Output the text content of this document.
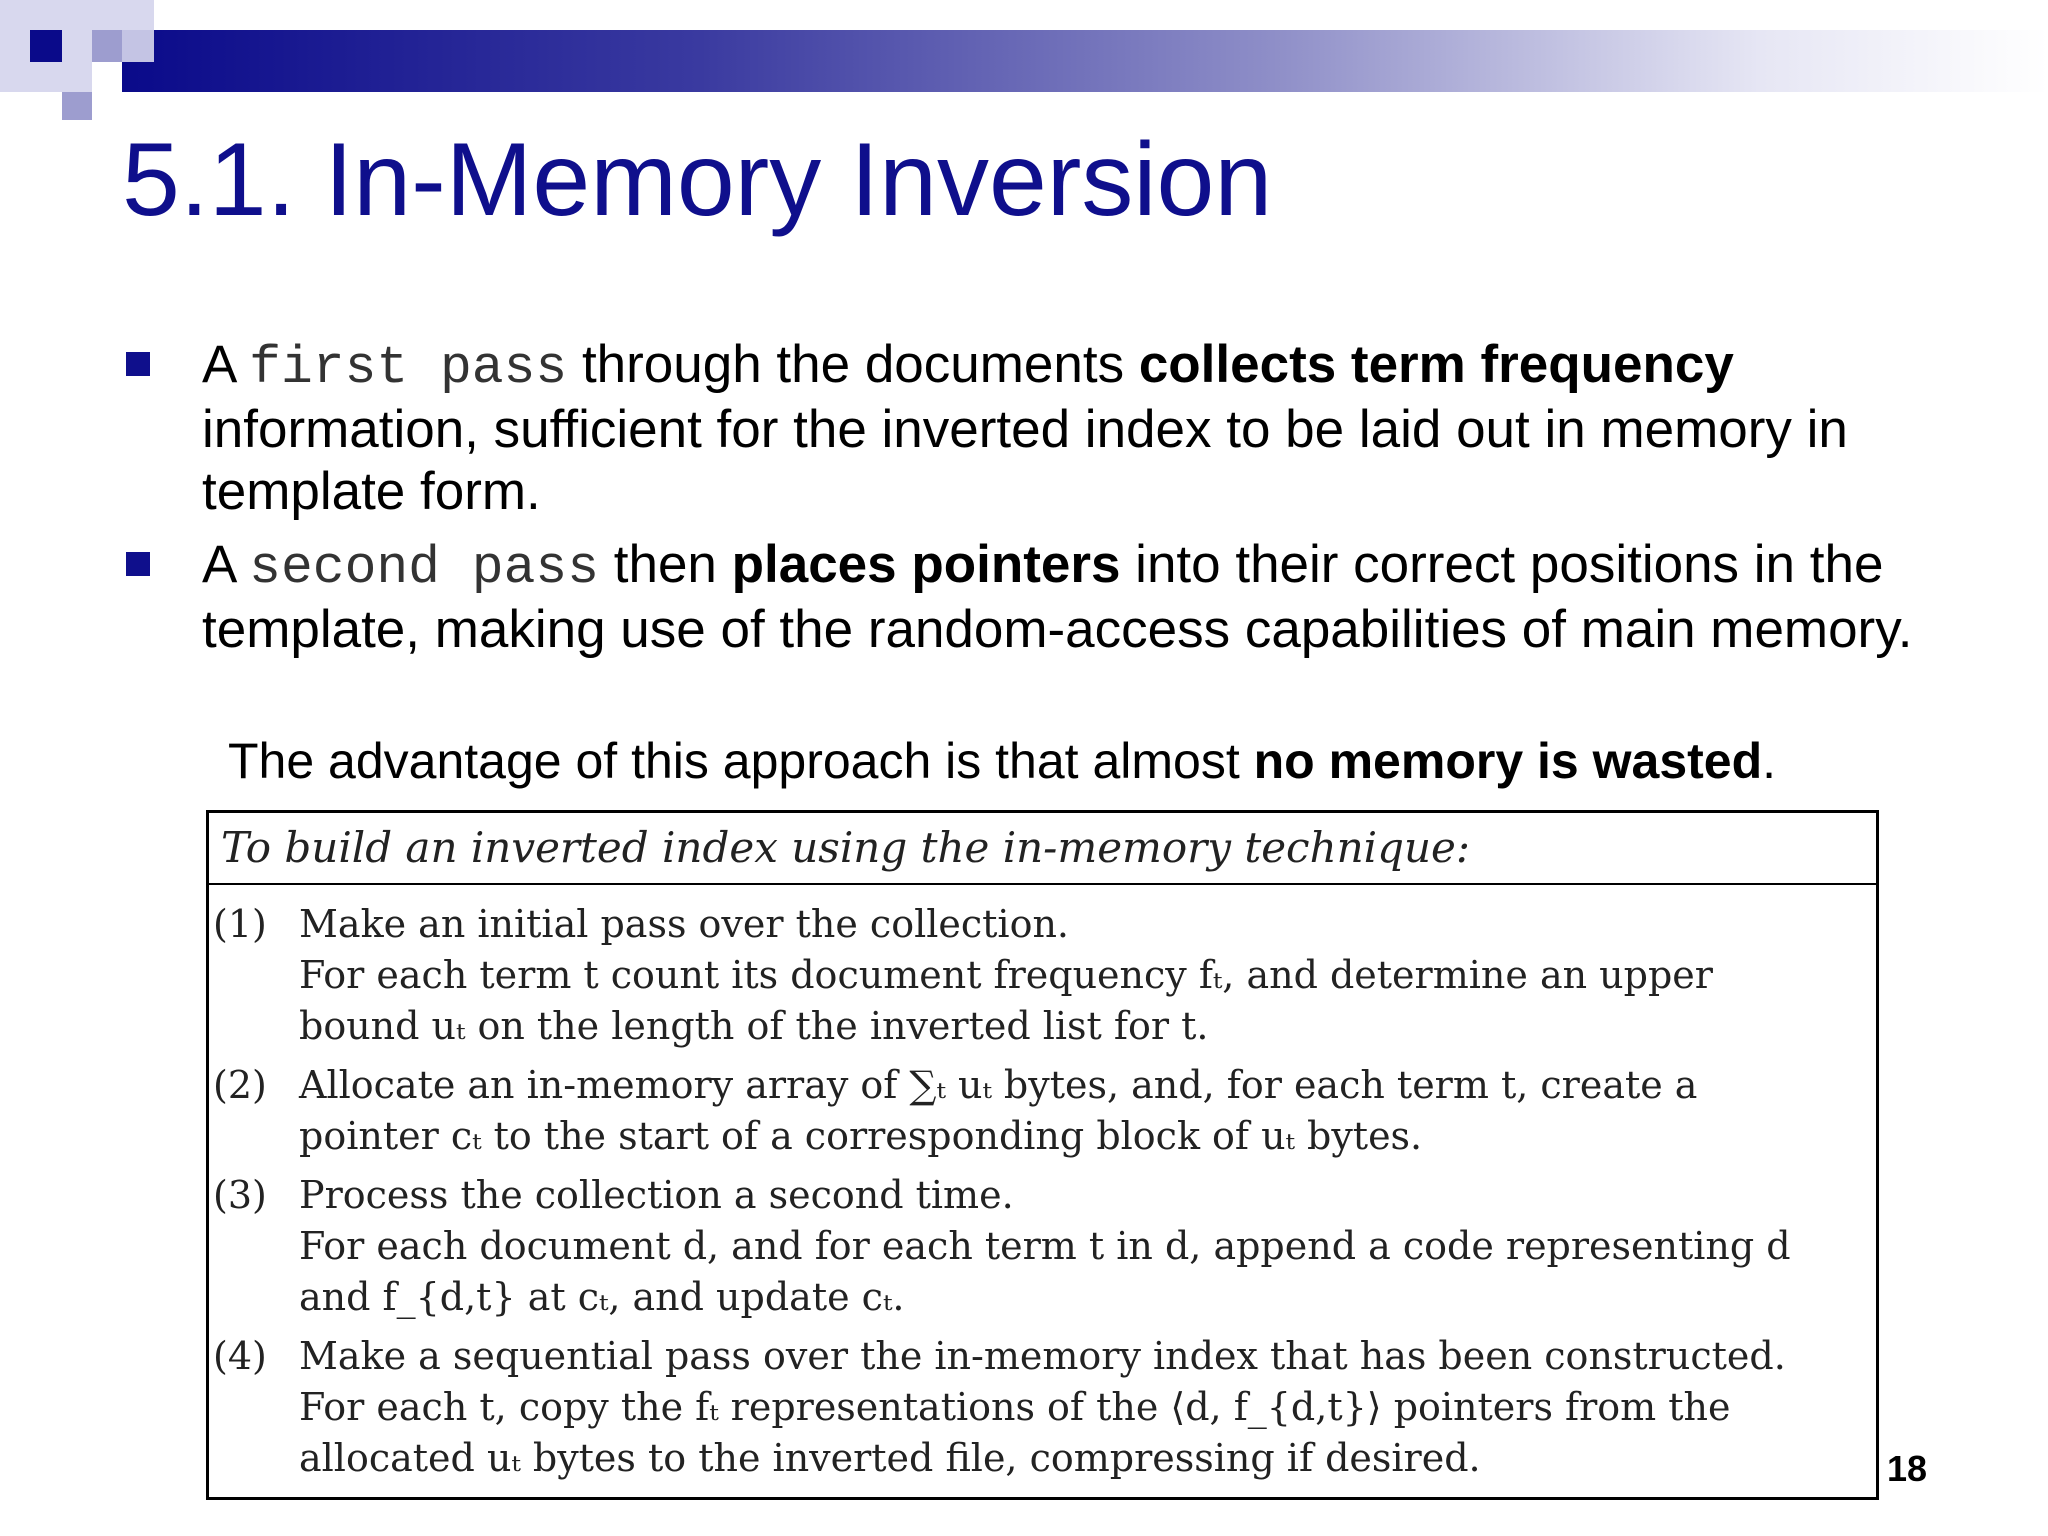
5.1. In-Memory Inversion
A first pass through the documents collects term frequency information, sufficient for the inverted index to be laid out in memory in template form.
A second pass then places pointers into their correct positions in the template, making use of the random-access capabilities of main memory.
The advantage of this approach is that almost no memory is wasted.
To build an inverted index using the in-memory technique:
(1) Make an initial pass over the collection.
For each term t count its document frequency fₜ, and determine an upper
bound uₜ on the length of the inverted list for t.
(2) Allocate an in-memory array of ∑ₜ uₜ bytes, and, for each term t, create a
pointer cₜ to the start of a corresponding block of uₜ bytes.
(3) Process the collection a second time.
For each document d, and for each term t in d, append a code representing d
and f_{d,t} at cₜ, and update cₜ.
(4) Make a sequential pass over the in-memory index that has been constructed.
For each t, copy the fₜ representations of the ⟨d, f_{d,t}⟩ pointers from the
allocated uₜ bytes to the inverted file, compressing if desired.	18
